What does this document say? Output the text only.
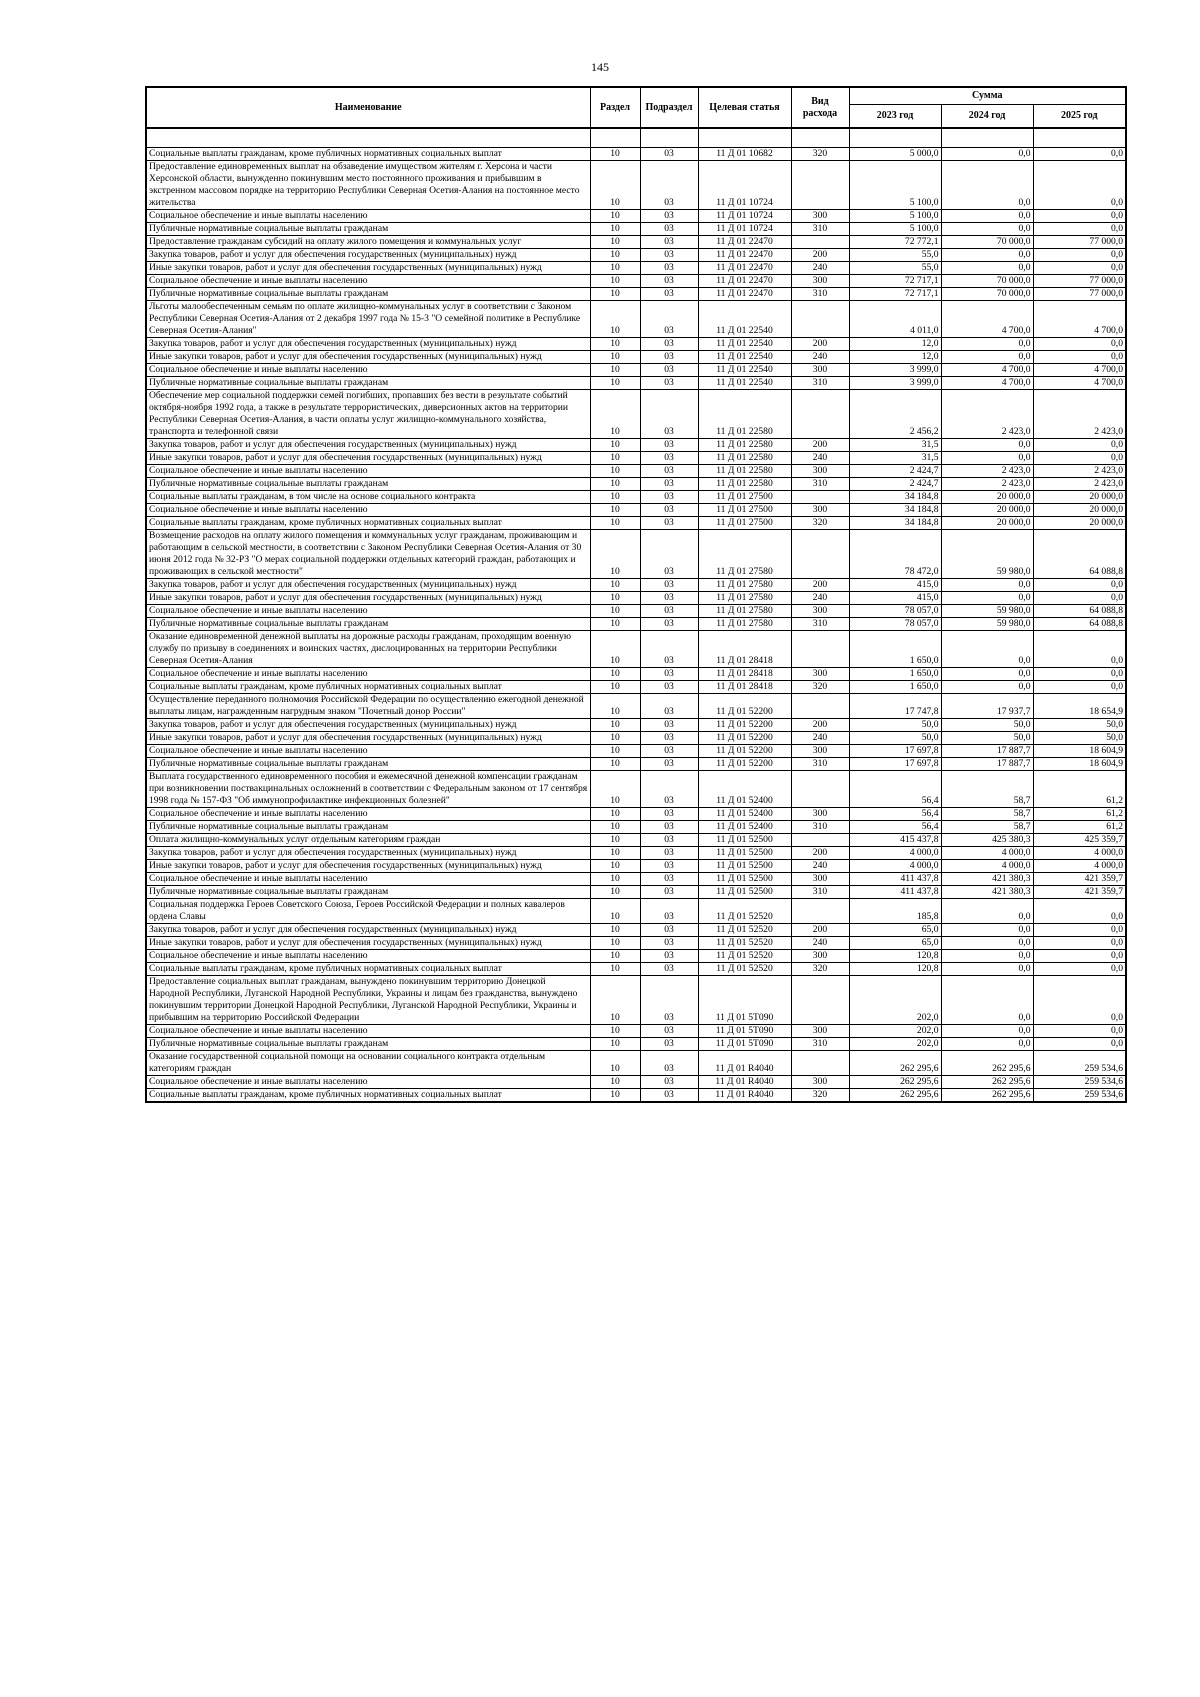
145
Наименование	Раздел	Подраздел	Целевая статья	Вид расхода	Сумма		
					2023 год	2024 год	2025 год

Социальные выплаты гражданам, кроме публичных нормативных социальных выплат	10	03	11 Д 01 10682	320	5 000,0	0,0	0,0
Предоставление единовременных выплат на обзаведение имуществом жителям г. Херсона и части Херсонской области, вынужденно покинувшим место постоянного проживания и прибывшим в экстренном массовом порядке на территорию Республики Северная Осетия-Алания на постоянное место жительства	10	03	11 Д 01 10724		5 100,0	0,0	0,0
Социальное обеспечение и иные выплаты населению	10	03	11 Д 01 10724	300	5 100,0	0,0	0,0
Публичные нормативные социальные выплаты гражданам	10	03	11 Д 01 10724	310	5 100,0	0,0	0,0
Предоставление гражданам субсидий на оплату жилого помещения и коммунальных услуг	10	03	11 Д 01 22470		72 772,1	70 000,0	77 000,0
Закупка товаров, работ и услуг для обеспечения государственных (муниципальных) нужд	10	03	11 Д 01 22470	200	55,0	0,0	0,0
Иные закупки товаров, работ и услуг для обеспечения государственных (муниципальных) нужд	10	03	11 Д 01 22470	240	55,0	0,0	0,0
Социальное обеспечение и иные выплаты населению	10	03	11 Д 01 22470	300	72 717,1	70 000,0	77 000,0
Публичные нормативные социальные выплаты гражданам	10	03	11 Д 01 22470	310	72 717,1	70 000,0	77 000,0
Льготы малообеспеченным семьям по оплате жилищно-коммунальных услуг в соответствии с Законом Республики Северная Осетия-Алания от 2 декабря 1997 года № 15-3 "О семейной политике в Республике Северная Осетия-Алания"	10	03	11 Д 01 22540		4 011,0	4 700,0	4 700,0
Закупка товаров, работ и услуг для обеспечения государственных (муниципальных) нужд	10	03	11 Д 01 22540	200	12,0	0,0	0,0
Иные закупки товаров, работ и услуг для обеспечения государственных (муниципальных) нужд	10	03	11 Д 01 22540	240	12,0	0,0	0,0
Социальное обеспечение и иные выплаты населению	10	03	11 Д 01 22540	300	3 999,0	4 700,0	4 700,0
Публичные нормативные социальные выплаты гражданам	10	03	11 Д 01 22540	310	3 999,0	4 700,0	4 700,0
Обеспечение мер социальной поддержки семей погибших, пропавших без вести в результате событий октября-ноября 1992 года, а также в результате террористических, диверсионных актов на территории Республики Северная Осетия-Алания, в части оплаты услуг жилищно-коммунального хозяйства, транспорта и телефонной связи	10	03	11 Д 01 22580		2 456,2	2 423,0	2 423,0
Закупка товаров, работ и услуг для обеспечения государственных (муниципальных) нужд	10	03	11 Д 01 22580	200	31,5	0,0	0,0
Иные закупки товаров, работ и услуг для обеспечения государственных (муниципальных) нужд	10	03	11 Д 01 22580	240	31,5	0,0	0,0
Социальное обеспечение и иные выплаты населению	10	03	11 Д 01 22580	300	2 424,7	2 423,0	2 423,0
Публичные нормативные социальные выплаты гражданам	10	03	11 Д 01 22580	310	2 424,7	2 423,0	2 423,0
Социальные выплаты гражданам, в том числе на основе социального контракта	10	03	11 Д 01 27500		34 184,8	20 000,0	20 000,0
Социальное обеспечение и иные выплаты населению	10	03	11 Д 01 27500	300	34 184,8	20 000,0	20 000,0
Социальные выплаты гражданам, кроме публичных нормативных социальных выплат	10	03	11 Д 01 27500	320	34 184,8	20 000,0	20 000,0
Возмещение расходов на оплату жилого помещения и коммунальных услуг гражданам, проживающим и работающим в сельской местности, в соответствии с Законом Республики Северная Осетия-Алания от 30 июня 2012 года № 32-РЗ "О мерах социальной поддержки отдельных категорий граждан, работающих и проживающих в сельской местности"	10	03	11 Д 01 27580		78 472,0	59 980,0	64 088,8
Закупка товаров, работ и услуг для обеспечения государственных (муниципальных) нужд	10	03	11 Д 01 27580	200	415,0	0,0	0,0
Иные закупки товаров, работ и услуг для обеспечения государственных (муниципальных) нужд	10	03	11 Д 01 27580	240	415,0	0,0	0,0
Социальное обеспечение и иные выплаты населению	10	03	11 Д 01 27580	300	78 057,0	59 980,0	64 088,8
Публичные нормативные социальные выплаты гражданам	10	03	11 Д 01 27580	310	78 057,0	59 980,0	64 088,8
Оказание единовременной денежной выплаты на дорожные расходы гражданам, проходящим военную службу по призыву в соединениях и воинских частях, дислоцированных на территории Республики Северная Осетия-Алания	10	03	11 Д 01 28418		1 650,0	0,0	0,0
Социальное обеспечение и иные выплаты населению	10	03	11 Д 01 28418	300	1 650,0	0,0	0,0
Социальные выплаты гражданам, кроме публичных нормативных социальных выплат	10	03	11 Д 01 28418	320	1 650,0	0,0	0,0
Осуществление переданного полномочия Российской Федерации по осуществлению ежегодной денежной выплаты лицам, награжденным нагрудным знаком "Почетный донор России"	10	03	11 Д 01 52200		17 747,8	17 937,7	18 654,9
Закупка товаров, работ и услуг для обеспечения государственных (муниципальных) нужд	10	03	11 Д 01 52200	200	50,0	50,0	50,0
Иные закупки товаров, работ и услуг для обеспечения государственных (муниципальных) нужд	10	03	11 Д 01 52200	240	50,0	50,0	50,0
Социальное обеспечение и иные выплаты населению	10	03	11 Д 01 52200	300	17 697,8	17 887,7	18 604,9
Публичные нормативные социальные выплаты гражданам	10	03	11 Д 01 52200	310	17 697,8	17 887,7	18 604,9
Выплата государственного единовременного пособия и ежемесячной денежной компенсации гражданам при возникновении поствакцинальных осложнений в соответствии с Федеральным законом от 17 сентября 1998 года № 157-ФЗ "Об иммунопрофилактике инфекционных болезней"	10	03	11 Д 01 52400		56,4	58,7	61,2
Социальное обеспечение и иные выплаты населению	10	03	11 Д 01 52400	300	56,4	58,7	61,2
Публичные нормативные социальные выплаты гражданам	10	03	11 Д 01 52400	310	56,4	58,7	61,2
Оплата жилищно-коммунальных услуг отдельным категориям граждан	10	03	11 Д 01 52500		415 437,8	425 380,3	425 359,7
Закупка товаров, работ и услуг для обеспечения государственных (муниципальных) нужд	10	03	11 Д 01 52500	200	4 000,0	4 000,0	4 000,0
Иные закупки товаров, работ и услуг для обеспечения государственных (муниципальных) нужд	10	03	11 Д 01 52500	240	4 000,0	4 000,0	4 000,0
Социальное обеспечение и иные выплаты населению	10	03	11 Д 01 52500	300	411 437,8	421 380,3	421 359,7
Публичные нормативные социальные выплаты гражданам	10	03	11 Д 01 52500	310	411 437,8	421 380,3	421 359,7
Социальная поддержка Героев Советского Союза, Героев Российской Федерации и полных кавалеров ордена Славы	10	03	11 Д 01 52520		185,8	0,0	0,0
Закупка товаров, работ и услуг для обеспечения государственных (муниципальных) нужд	10	03	11 Д 01 52520	200	65,0	0,0	0,0
Иные закупки товаров, работ и услуг для обеспечения государственных (муниципальных) нужд	10	03	11 Д 01 52520	240	65,0	0,0	0,0
Социальное обеспечение и иные выплаты населению	10	03	11 Д 01 52520	300	120,8	0,0	0,0
Социальные выплаты гражданам, кроме публичных нормативных социальных выплат	10	03	11 Д 01 52520	320	120,8	0,0	0,0
Предоставление социальных выплат гражданам, вынуждено покинувшим территорию Донецкой Народной Республики, Луганской Народной Республики, Украины и лицам без гражданства, вынуждено покинувшим территории Донецкой Народной Республики, Луганской Народной Республики, Украины и прибывшим на территорию Российской Федерации	10	03	11 Д 01 5Т090		202,0	0,0	0,0
Социальное обеспечение и иные выплаты населению	10	03	11 Д 01 5Т090	300	202,0	0,0	0,0
Публичные нормативные социальные выплаты гражданам	10	03	11 Д 01 5Т090	310	202,0	0,0	0,0
Оказание государственной социальной помощи на основании социального контракта отдельным категориям граждан	10	03	11 Д 01 R4040		262 295,6	262 295,6	259 534,6
Социальное обеспечение и иные выплаты населению	10	03	11 Д 01 R4040	300	262 295,6	262 295,6	259 534,6
Социальные выплаты гражданам, кроме публичных нормативных социальных выплат	10	03	11 Д 01 R4040	320	262 295,6	262 295,6	259 534,6
